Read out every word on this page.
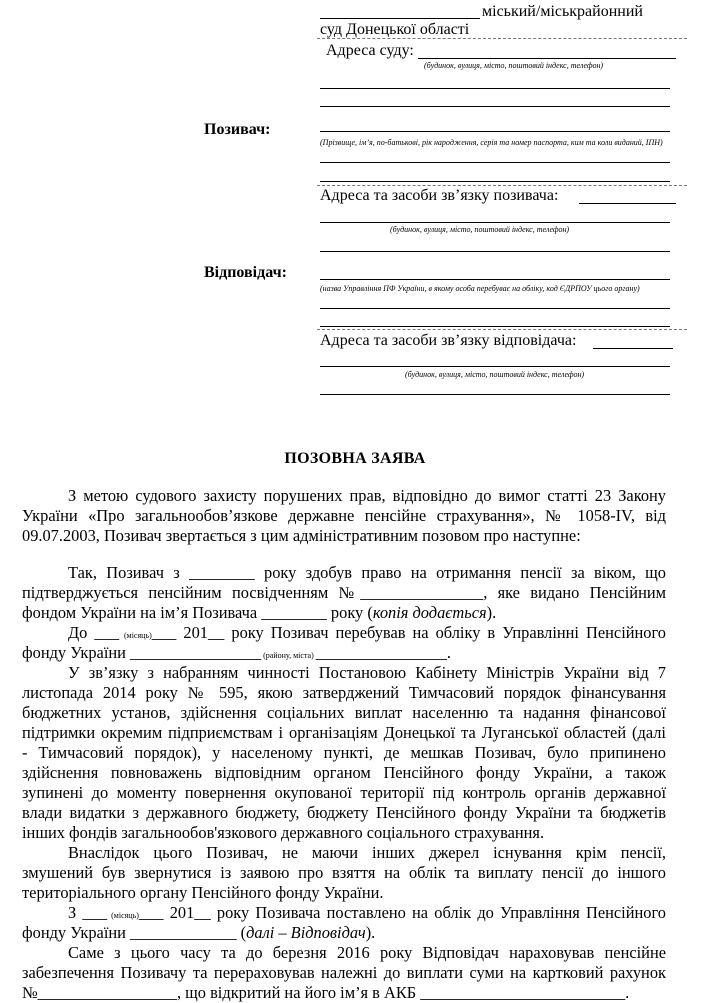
міський/міськрайонний
суд Донецької області
Адреса суду:
(будинок, вулиця, місто, поштовий індекс, телефон)
Позивач:
(Прізвище, ім’я, по-батькові, рік народження, серія та номер паспорта, ким та коли виданий, ІПН)
Адреса та засоби зв’язку позивача:
(будинок, вулиця, місто, поштовий індекс, телефон)
Відповідач:
(назва Управління ПФ України, в якому особа перебуває на обліку, код ЄДРПОУ цього органу)
Адреса та засоби зв’язку відповідача:
(будинок, вулиця, місто, поштовий індекс, телефон)
ПОЗОВНА ЗАЯВА
З метою судового захисту порушених прав, відповідно до вимог статті 23 Закону
України «Про загальнообов’язкове державне пенсійне страхування», № 1058-IV, від
09.07.2003, Позивач звертається з цим адміністративним позовом про наступне:
Так, Позивач з ________ року здобув право на отримання пенсії за віком, що
підтверджується пенсійним посвідченням №_______________, яке видано Пенсійним
фондом України на ім’я Позивача ________ року (копія додається).
До ___ (місяць)___ 201__ року Позивач перебував на обліку в Управлінні Пенсійного
фонду України ________________ (району, міста) ________________.
У зв’язку з набранням чинності Постановою Кабінету Міністрів України від 7
листопада 2014 року № 595, якою затверджений Тимчасовий порядок фінансування
бюджетних установ, здійснення соціальних виплат населенню та надання фінансової
підтримки окремим підприємствам і організаціям Донецької та Луганської областей (далі
- Тимчасовий порядок), у населеному пункті, де мешкав Позивач, було припинено
здійснення повноважень відповідним органом Пенсійного фонду України, а також
зупинені до моменту повернення окупованої території під контроль органів державної
влади видатки з державного бюджету, бюджету Пенсійного фонду України та бюджетів
інших фондів загальнообов'язкового державного соціального страхування.
Внаслідок цього Позивач, не маючи інших джерел існування крім пенсії,
змушений був звернутися із заявою про взяття на облік та виплату пенсії до іншого
територіального органу Пенсійного фонду України.
З ___ (місяць)___ 201__ року Позивача поставлено на облік до Управління Пенсійного
фонду України _____________ (далі – Відповідач).
Саме з цього часу та до березня 2016 року Відповідач нараховував пенсійне
забезпечення Позивачу та перераховував належні до виплати суми на картковий рахунок
№_________________, що відкритий на його ім’я в АКБ _________________________.
